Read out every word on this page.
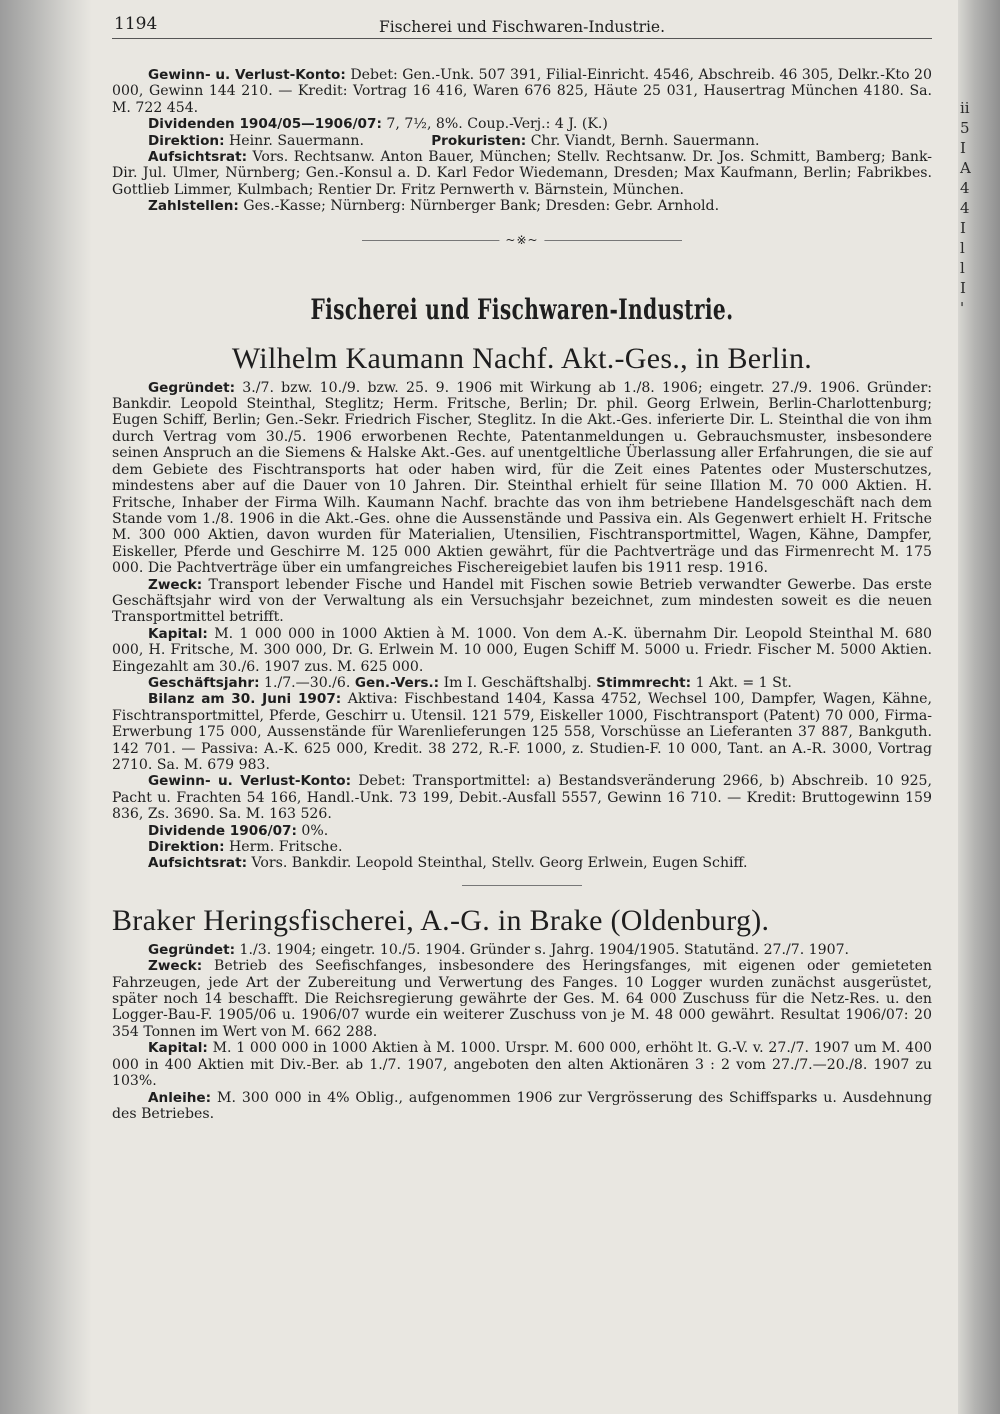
ii
5
I
A
4
4
I
l
l
I
'
1194	Fischerei und Fischwaren-Industrie.

Gewinn- u. Verlust-Konto: Debet: Gen.-Unk. 507 391, Filial-Einricht. 4546, Abschreib. 46 305, Delkr.-Kto 20 000, Gewinn 144 210. — Kredit: Vortrag 16 416, Waren 676 825, Häute 25 031, Hausertrag München 4180. Sa. M. 722 454.

Dividenden 1904/05—1906/07: 7, 7½, 8%. Coup.-Verj.: 4 J. (K.)

Direktion: Heinr. Sauermann.	Prokuristen: Chr. Viandt, Bernh. Sauermann.

Aufsichtsrat: Vors. Rechtsanw. Anton Bauer, München; Stellv. Rechtsanw. Dr. Jos. Schmitt, Bamberg; Bank-Dir. Jul. Ulmer, Nürnberg; Gen.-Konsul a. D. Karl Fedor Wiedemann, Dresden; Max Kaufmann, Berlin; Fabrikbes. Gottlieb Limmer, Kulmbach; Rentier Dr. Fritz Pernwerth v. Bärnstein, München.

Zahlstellen: Ges.-Kasse; Nürnberg: Nürnberger Bank; Dresden: Gebr. Arnhold.

~※~
Fischerei und Fischwaren-Industrie.
Wilhelm Kaumann Nachf. Akt.-Ges., in Berlin.

Gegründet: 3./7. bzw. 10./9. bzw. 25. 9. 1906 mit Wirkung ab 1./8. 1906; eingetr. 27./9. 1906. Gründer: Bankdir. Leopold Steinthal, Steglitz; Herm. Fritsche, Berlin; Dr. phil. Georg Erlwein, Berlin-Charlottenburg; Eugen Schiff, Berlin; Gen.-Sekr. Friedrich Fischer, Steglitz. In die Akt.-Ges. inferierte Dir. L. Steinthal die von ihm durch Vertrag vom 30./5. 1906 erworbenen Rechte, Patentanmeldungen u. Gebrauchsmuster, insbesondere seinen Anspruch an die Siemens & Halske Akt.-Ges. auf unentgeltliche Überlassung aller Erfahrungen, die sie auf dem Gebiete des Fischtransports hat oder haben wird, für die Zeit eines Patentes oder Musterschutzes, mindestens aber auf die Dauer von 10 Jahren. Dir. Steinthal erhielt für seine Illation M. 70 000 Aktien. H. Fritsche, Inhaber der Firma Wilh. Kaumann Nachf. brachte das von ihm betriebene Handelsgeschäft nach dem Stande vom 1./8. 1906 in die Akt.-Ges. ohne die Aussenstände und Passiva ein. Als Gegenwert erhielt H. Fritsche M. 300 000 Aktien, davon wurden für Materialien, Utensilien, Fischtransportmittel, Wagen, Kähne, Dampfer, Eiskeller, Pferde und Geschirre M. 125 000 Aktien gewährt, für die Pachtverträge und das Firmenrecht M. 175 000. Die Pachtverträge über ein umfangreiches Fischereigebiet laufen bis 1911 resp. 1916.

Zweck: Transport lebender Fische und Handel mit Fischen sowie Betrieb verwandter Gewerbe. Das erste Geschäftsjahr wird von der Verwaltung als ein Versuchsjahr bezeichnet, zum mindesten soweit es die neuen Transportmittel betrifft.

Kapital: M. 1 000 000 in 1000 Aktien à M. 1000. Von dem A.-K. übernahm Dir. Leopold Steinthal M. 680 000, H. Fritsche, M. 300 000, Dr. G. Erlwein M. 10 000, Eugen Schiff M. 5000 u. Friedr. Fischer M. 5000 Aktien. Eingezahlt am 30./6. 1907 zus. M. 625 000.

Geschäftsjahr: 1./7.—30./6. Gen.-Vers.: Im I. Geschäftshalbj. Stimmrecht: 1 Akt. = 1 St.

Bilanz am 30. Juni 1907: Aktiva: Fischbestand 1404, Kassa 4752, Wechsel 100, Dampfer, Wagen, Kähne, Fischtransportmittel, Pferde, Geschirr u. Utensil. 121 579, Eiskeller 1000, Fischtransport (Patent) 70 000, Firma-Erwerbung 175 000, Aussenstände für Warenlieferungen 125 558, Vorschüsse an Lieferanten 37 887, Bankguth. 142 701. — Passiva: A.-K. 625 000, Kredit. 38 272, R.-F. 1000, z. Studien-F. 10 000, Tant. an A.-R. 3000, Vortrag 2710. Sa. M. 679 983.

Gewinn- u. Verlust-Konto: Debet: Transportmittel: a) Bestandsveränderung 2966, b) Abschreib. 10 925, Pacht u. Frachten 54 166, Handl.-Unk. 73 199, Debit.-Ausfall 5557, Gewinn 16 710. — Kredit: Bruttogewinn 159 836, Zs. 3690. Sa. M. 163 526.

Dividende 1906/07: 0%.

Direktion: Herm. Fritsche.

Aufsichtsrat: Vors. Bankdir. Leopold Steinthal, Stellv. Georg Erlwein, Eugen Schiff.

Braker Heringsfischerei, A.-G. in Brake (Oldenburg).

Gegründet: 1./3. 1904; eingetr. 10./5. 1904. Gründer s. Jahrg. 1904/1905. Statutänd. 27./7. 1907.

Zweck: Betrieb des Seefischfanges, insbesondere des Heringsfanges, mit eigenen oder gemieteten Fahrzeugen, jede Art der Zubereitung und Verwertung des Fanges. 10 Logger wurden zunächst ausgerüstet, später noch 14 beschafft. Die Reichsregierung gewährte der Ges. M. 64 000 Zuschuss für die Netz-Res. u. den Logger-Bau-F. 1905/06 u. 1906/07 wurde ein weiterer Zuschuss von je M. 48 000 gewährt. Resultat 1906/07: 20 354 Tonnen im Wert von M. 662 288.

Kapital: M. 1 000 000 in 1000 Aktien à M. 1000. Urspr. M. 600 000, erhöht lt. G.-V. v. 27./7. 1907 um M. 400 000 in 400 Aktien mit Div.-Ber. ab 1./7. 1907, angeboten den alten Aktionären 3 : 2 vom 27./7.—20./8. 1907 zu 103%.

Anleihe: M. 300 000 in 4% Oblig., aufgenommen 1906 zur Vergrösserung des Schiffsparks u. Ausdehnung des Betriebes.
